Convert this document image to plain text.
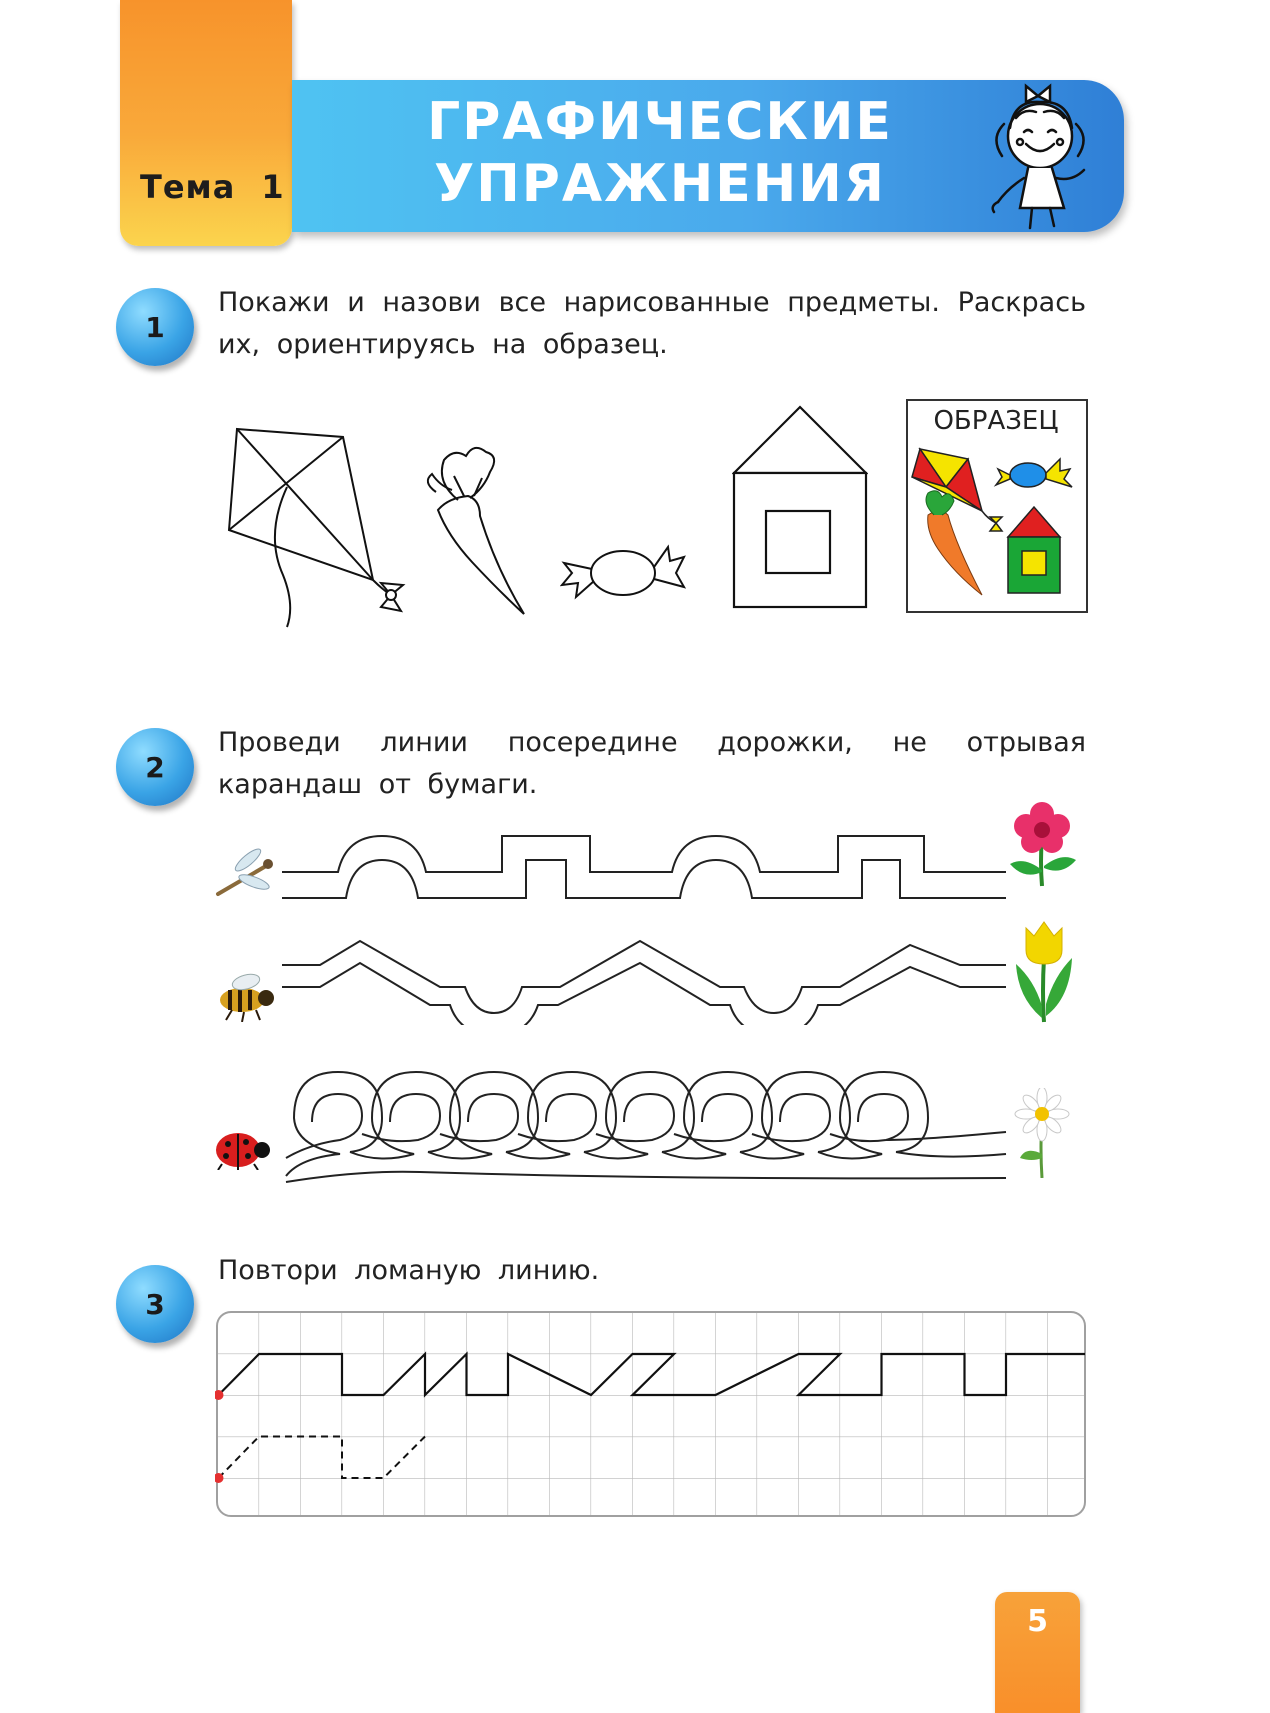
Тема 1
ГРАФИЧЕСКИЕ
УПРАЖНЕНИЯ
1
Покажи и назови все нарисованные предметы. Раскрась их, ориентируясь на образец.
ОБРАЗЕЦ
2
Проведи линии посередине дорожки, не отрывая карандаш от бумаги.
3
Повтори ломаную линию.
5
